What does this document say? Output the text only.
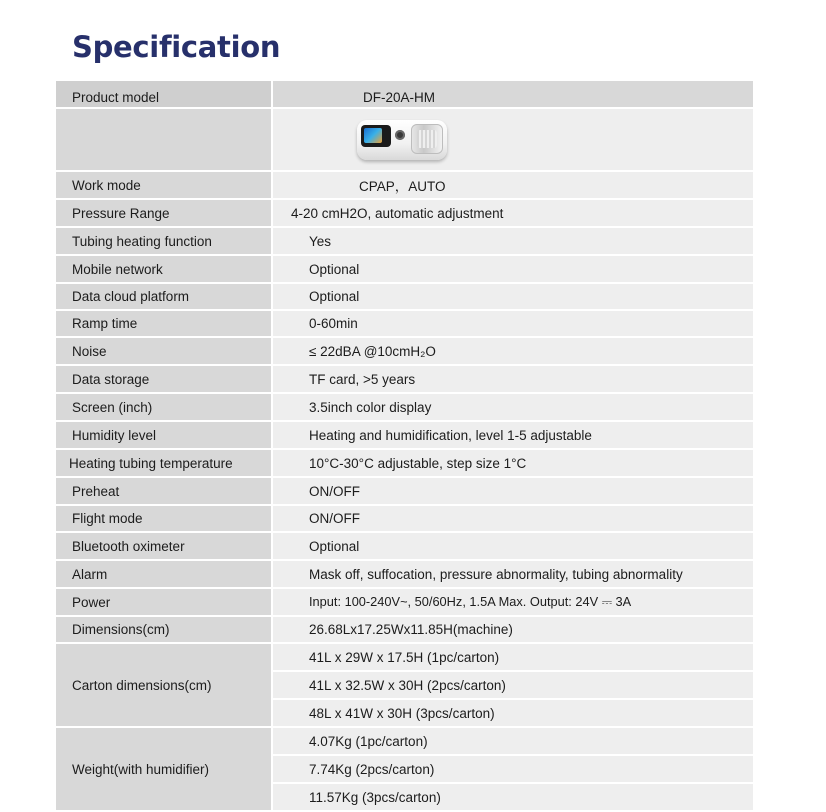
Specification
Product model	DF-20A-HM

Work mode	CPAP，AUTO
Pressure Range	4-20 cmH2O, automatic adjustment
Tubing heating function	Yes
Mobile network	Optional
Data cloud platform	Optional
Ramp time	0-60min
Noise	≤ 22dBA @10cmH₂O
Data storage	TF card, >5 years
Screen (inch)	3.5inch color display
Humidity level	Heating and humidification, level 1-5 adjustable
Heating tubing temperature	10°C-30°C adjustable, step size 1°C
Preheat	ON/OFF
Flight mode	ON/OFF
Bluetooth oximeter	Optional
Alarm	Mask off, suffocation, pressure abnormality, tubing abnormality
Power	Input: 100-240V~, 50/60Hz, 1.5A Max. Output: 24V ⎓ 3A
Dimensions(cm)	26.68Lx17.25Wx11.85H(machine)
Carton dimensions(cm)	41L x 29W x 17.5H (1pc/carton)
	41L x 32.5W x 30H (2pcs/carton)
	48L x 41W x 30H (3pcs/carton)
Weight(with humidifier)	4.07Kg (1pc/carton)
	7.74Kg (2pcs/carton)
	11.57Kg (3pcs/carton)
